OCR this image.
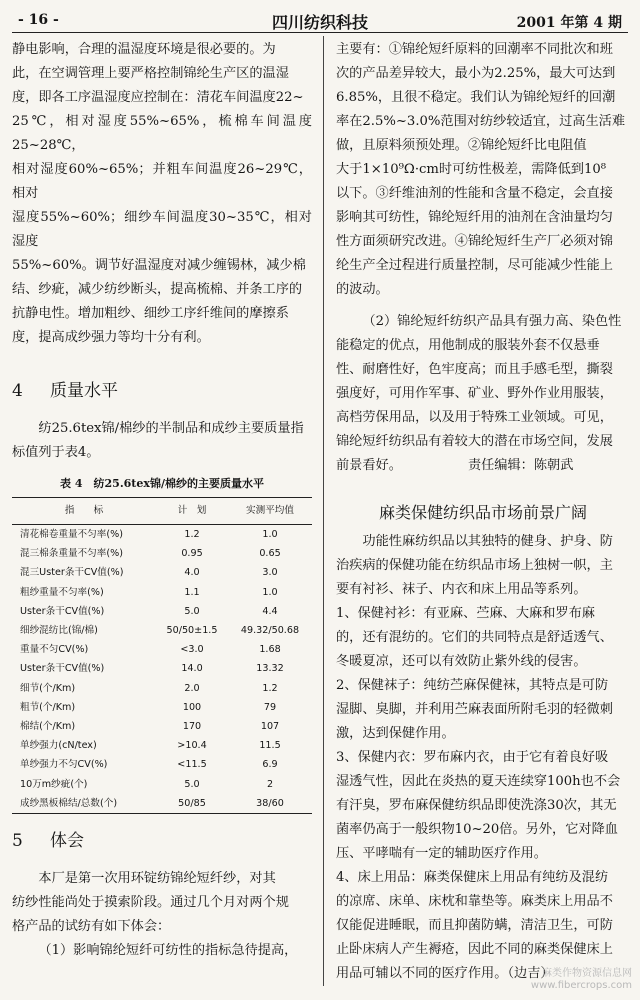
- 16 -	四川纺织科技	2001 年第 4 期

静电影响，合理的温湿度环境是很必要的。为

此，在空调管理上要严格控制锦纶生产区的温湿

度，即各工序温湿度应控制在：清花车间温度22~

25℃，相对湿度55%~65%，梳棉车间温度25~28℃，

相对湿度60%~65%；并粗车间温度26~29℃，相对

湿度55%~60%；细纱车间温度30~35℃，相对湿度

55%~60%。调节好温湿度对减少缠锡林，减少棉

结、纱疵，减少纺纱断头，提高梳棉、并条工序的

抗静电性。增加粗纱、细纱工序纤维间的摩擦系

度，提高成纱强力等均十分有利。

4 质量水平

纺25.6tex锦/棉纱的半制品和成纱主要质量指

标值列于表4。

表 4　纺25.6tex锦/棉纱的主要质量水平

指　　标	计　划	实测平均值
清花棉卷重量不匀率(%)	1.2	1.0
混三棉条重量不匀率(%)	0.95	0.65
混三Uster条干CV值(%)	4.0	3.0
粗纱重量不匀率(%)	1.1	1.0
Uster条干CV值(%)	5.0	4.4
细纱混纺比(锦/棉)	50/50±1.5	49.32/50.68
重量不匀CV(%)	<3.0	1.68
Uster条干CV值(%)	14.0	13.32
细节(个/Km)	2.0	1.2
粗节(个/Km)	100	79
棉结(个/Km)	170	107
单纱强力(cN/tex)	>10.4	11.5
单纱强力不匀CV(%)	<11.5	6.9
10万m纱疵(个)	5.0	2
成纱黑板棉结/总数(个)	50/85	38/60
5 体会

本厂是第一次用环锭纺锦纶短纤纱，对其

纺纱性能尚处于摸索阶段。通过几个月对两个规

格产品的试纺有如下体会：

（1）影响锦纶短纤可纺性的指标急待提高，

主要有：①锦纶短纤原料的回潮率不同批次和班

次的产品差异较大，最小为2.25%，最大可达到

6.85%，且很不稳定。我们认为锦纶短纤的回潮

率在2.5%~3.0%范围对纺纱较适宜，过高生活难

做，且原料须预处理。②锦纶短纤比电阻值

大于1×10⁹Ω·cm时可纺性极差，需降低到10⁸

以下。③纤维油剂的性能和含量不稳定，会直接

影响其可纺性，锦纶短纤用的油剂在含油量均匀

性方面须研究改进。④锦纶短纤生产厂必须对锦

纶生产全过程进行质量控制，尽可能减少性能上

的波动。

（2）锦纶短纤纺织产品具有强力高、染色性

能稳定的优点，用他制成的服装外套不仅悬垂

性、耐磨性好，色牢度高；而且手感毛型，撕裂

强度好，可用作军事、矿业、野外作业用服装，

高档劳保用品，以及用于特殊工业领域。可见，

锦纶短纤纺织品有着较大的潜在市场空间，发展

前景看好。	责任编辑：陈朝武

麻类保健纺织品市场前景广阔

功能性麻纺织品以其独特的健身、护身、防

治疾病的保健功能在纺织品市场上独树一帜，主

要有衬衫、袜子、内衣和床上用品等系列。

1、保健衬衫：有亚麻、苎麻、大麻和罗布麻

的，还有混纺的。它们的共同特点是舒适透气、

冬暖夏凉，还可以有效防止紫外线的侵害。

2、保健袜子：纯纺苎麻保健袜，其特点是可防

湿脚、臭脚，并利用苎麻表面所附毛羽的轻微刺

激，达到保健作用。

3、保健内衣：罗布麻内衣，由于它有着良好吸

湿透气性，因此在炎热的夏天连续穿100h也不会

有汗臭，罗布麻保健纺织品即使洗涤30次，其无

菌率仍高于一般织物10~20倍。另外，它对降血

压、平哮喘有一定的辅助医疗作用。

4、床上用品：麻类保健床上用品有纯纺及混纺

的凉席、床单、床枕和靠垫等。麻类床上用品不

仅能促进睡眠，而且抑菌防螨，清洁卫生，可防

止卧床病人产生褥疮，因此不同的麻类保健床上

用品可辅以不同的医疗作用。（边吉）

麻类作物资源信息网
www.fibercrops.com
